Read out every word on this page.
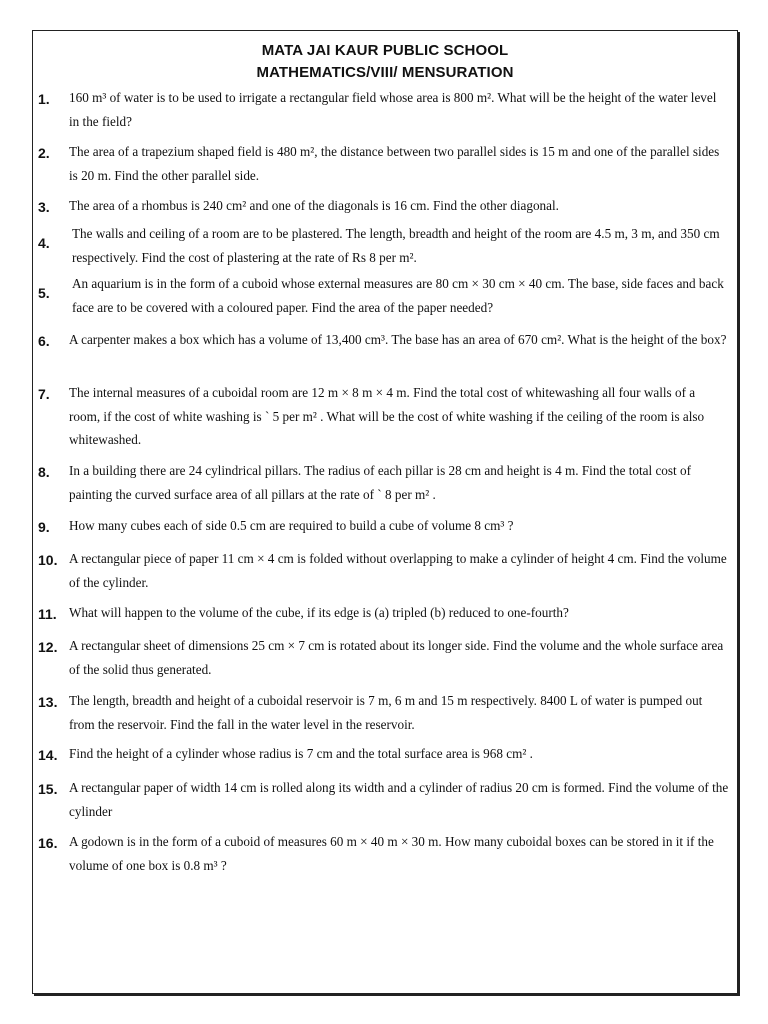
MATA JAI KAUR PUBLIC SCHOOL
MATHEMATICS/VIII/ MENSURATION
1.	160 m³ of water is to be used to irrigate a rectangular field whose area is 800 m². What will be the height of the water level in the field?
2.	The area of a trapezium shaped field is 480 m², the distance between two parallel sides is 15 m and one of the parallel sides is 20 m. Find the other parallel side.
3.	The area of a rhombus is 240 cm² and one of the diagonals is 16 cm. Find the other diagonal.
4.
The walls and ceiling of a room are to be plastered. The length, breadth and height of the room are 4.5 m, 3 m, and 350 cm respectively. Find the cost of plastering at the rate of Rs 8 per m².
5.
An aquarium is in the form of a cuboid whose external measures are 80 cm × 30 cm × 40 cm. The base, side faces and back face are to be covered with a coloured paper. Find the area of the paper needed?
6.	A carpenter makes a box which has a volume of 13,400 cm³. The base has an area of 670 cm². What is the height of the box?
7.	The internal measures of a cuboidal room are 12 m × 8 m × 4 m. Find the total cost of whitewashing all four walls of a room, if the cost of white washing is ` 5 per m² . What will be the cost of white washing if the ceiling of the room is also whitewashed.
8.	In a building there are 24 cylindrical pillars. The radius of each pillar is 28 cm and height is 4 m. Find the total cost of painting the curved surface area of all pillars at the rate of ` 8 per m² .
9.	How many cubes each of side 0.5 cm are required to build a cube of volume 8 cm³ ?
10. A rectangular piece of paper 11 cm × 4 cm is folded without overlapping to make a cylinder of height 4 cm. Find the volume of the cylinder.
11. What will happen to the volume of the cube, if its edge is (a) tripled (b) reduced to one-fourth?
12. A rectangular sheet of dimensions 25 cm × 7 cm is rotated about its longer side. Find the volume and the whole surface area of the solid thus generated.
13. The length, breadth and height of a cuboidal reservoir is 7 m, 6 m and 15 m respectively. 8400 L of water is pumped out from the reservoir. Find the fall in the water level in the reservoir.
14. Find the height of a cylinder whose radius is 7 cm and the total surface area is 968 cm² .
15. A rectangular paper of width 14 cm is rolled along its width and a cylinder of radius 20 cm is formed. Find the volume of the cylinder
16. A godown is in the form of a cuboid of measures 60 m × 40 m × 30 m. How many cuboidal boxes can be stored in it if the volume of one box is 0.8 m³ ?
